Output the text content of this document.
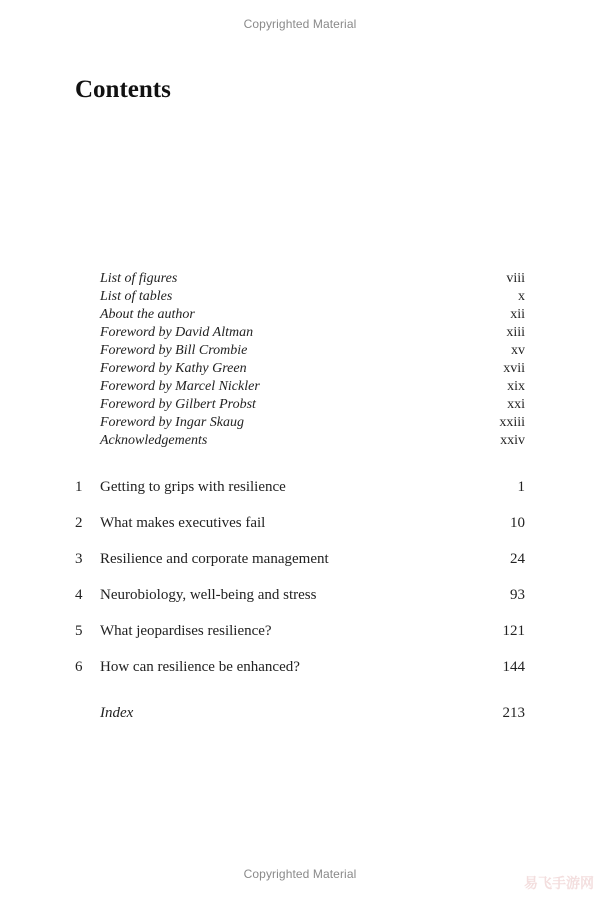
Copyrighted Material
Contents
List of figures	viii
List of tables	x
About the author	xii
Foreword by David Altman	xiii
Foreword by Bill Crombie	xv
Foreword by Kathy Green	xvii
Foreword by Marcel Nickler	xix
Foreword by Gilbert Probst	xxi
Foreword by Ingar Skaug	xxiii
Acknowledgements	xxiv
1 Getting to grips with resilience	1
2 What makes executives fail	10
3 Resilience and corporate management	24
4 Neurobiology, well-being and stress	93
5 What jeopardises resilience?	121
6 How can resilience be enhanced?	144
Index	213
Copyrighted Material
易飞手游网
